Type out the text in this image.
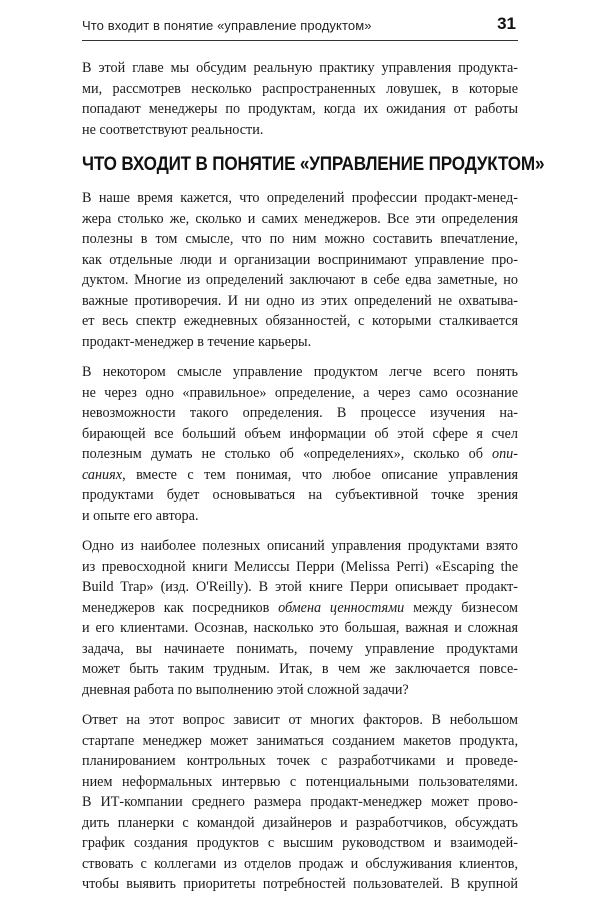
Что входит в понятие «управление продуктом»	31

В этой главе мы обсудим реальную практику управления продукта-
ми, рассмотрев несколько распространенных ловушек, в которые
попадают менеджеры по продуктам, когда их ожидания от работы
не соответствуют реальности.

ЧТО ВХОДИТ В ПОНЯТИЕ «УПРАВЛЕНИЕ ПРОДУКТОМ»

В наше время кажется, что определений профессии продакт-менед-
жера столько же, сколько и самих менеджеров. Все эти определения
полезны в том смысле, что по ним можно составить впечатление,
как отдельные люди и организации воспринимают управление про-
дуктом. Многие из определений заключают в себе едва заметные, но
важные противоречия. И ни одно из этих определений не охватыва-
ет весь спектр ежедневных обязанностей, с которыми сталкивается
продакт-менеджер в течение карьеры.

В некотором смысле управление продуктом легче всего понять
не через одно «правильное» определение, а через само осознание
невозможности такого определения. В процессе изучения на-
бирающей все больший объем информации об этой сфере я счел
полезным думать не столько об «определениях», сколько об опи-
саниях, вместе с тем понимая, что любое описание управления
продуктами будет основываться на субъективной точке зрения
и опыте его автора.

Одно из наиболее полезных описаний управления продуктами взято
из превосходной книги Мелиссы Перри (Melissa Perri) «Escaping the
Build Trap» (изд. O'Reilly). В этой книге Перри описывает продакт-
менеджеров как посредников обмена ценностями между бизнесом
и его клиентами. Осознав, насколько это большая, важная и сложная
задача, вы начинаете понимать, почему управление продуктами
может быть таким трудным. Итак, в чем же заключается повсе-
дневная работа по выполнению этой сложной задачи?

Ответ на этот вопрос зависит от многих факторов. В небольшом
стартапе менеджер может заниматься созданием макетов продукта,
планированием контрольных точек с разработчиками и проведе-
нием неформальных интервью с потенциальными пользователями.
В ИТ-компании среднего размера продакт-менеджер может прово-
дить планерки с командой дизайнеров и разработчиков, обсуждать
график создания продуктов с высшим руководством и взаимодей-
ствовать с коллегами из отделов продаж и обслуживания клиентов,
чтобы выявить приоритеты потребностей пользователей. В крупной
